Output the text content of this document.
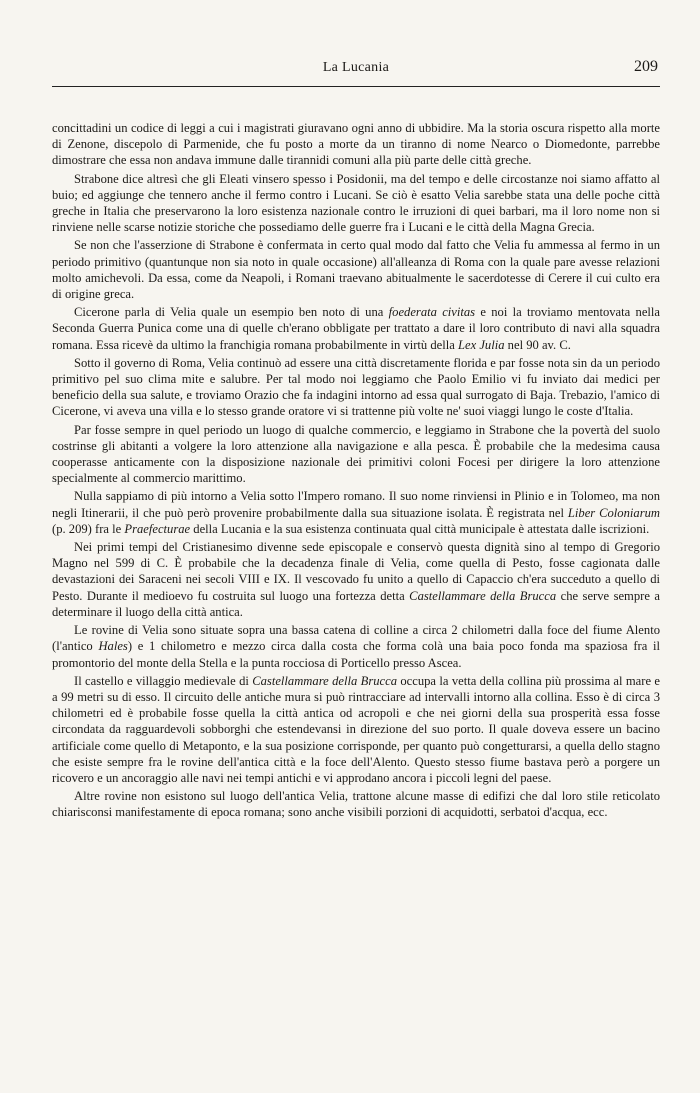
La Lucania	209

concittadini un codice di leggi a cui i magistrati giuravano ogni anno di ubbidire. Ma la storia oscura rispetto alla morte di Zenone, discepolo di Parmenide, che fu posto a morte da un tiranno di nome Nearco o Diomedonte, parrebbe dimostrare che essa non andava immune dalle tirannidi comuni alla più parte delle città greche.

Strabone dice altresì che gli Eleati vinsero spesso i Posidonii, ma del tempo e delle circostanze noi siamo affatto al buio; ed aggiunge che tennero anche il fermo contro i Lucani. Se ciò è esatto Velia sarebbe stata una delle poche città greche in Italia che preservarono la loro esistenza nazionale contro le irruzioni di quei barbari, ma il loro nome non si rinviene nelle scarse notizie storiche che possediamo delle guerre fra i Lucani e le città della Magna Grecia.

Se non che l'asserzione di Strabone è confermata in certo qual modo dal fatto che Velia fu ammessa al fermo in un periodo primitivo (quantunque non sia noto in quale occasione) all'alleanza di Roma con la quale pare avesse relazioni molto amichevoli. Da essa, come da Neapoli, i Romani traevano abitualmente le sacerdotesse di Cerere il cui culto era di origine greca.

Cicerone parla di Velia quale un esempio ben noto di una foederata civitas e noi la troviamo mentovata nella Seconda Guerra Punica come una di quelle ch'erano obbligate per trattato a dare il loro contributo di navi alla squadra romana. Essa ricevè da ultimo la franchigia romana probabilmente in virtù della Lex Julia nel 90 av. C.

Sotto il governo di Roma, Velia continuò ad essere una città discretamente florida e par fosse nota sin da un periodo primitivo pel suo clima mite e salubre. Per tal modo noi leggiamo che Paolo Emilio vi fu inviato dai medici per beneficio della sua salute, e troviamo Orazio che fa indagini intorno ad essa qual surrogato di Baja. Trebazio, l'amico di Cicerone, vi aveva una villa e lo stesso grande oratore vi si trattenne più volte ne' suoi viaggi lungo le coste d'Italia.

Par fosse sempre in quel periodo un luogo di qualche commercio, e leggiamo in Strabone che la povertà del suolo costrinse gli abitanti a volgere la loro attenzione alla navigazione e alla pesca. È probabile che la medesima causa cooperasse anticamente con la disposizione nazionale dei primitivi coloni Focesi per dirigere la loro attenzione specialmente al commercio marittimo.

Nulla sappiamo di più intorno a Velia sotto l'Impero romano. Il suo nome rinviensi in Plinio e in Tolomeo, ma non negli Itinerarii, il che può però provenire probabilmente dalla sua situazione isolata. È registrata nel Liber Coloniarum (p. 209) fra le Praefecturae della Lucania e la sua esistenza continuata qual città municipale è attestata dalle iscrizioni.

Nei primi tempi del Cristianesimo divenne sede episcopale e conservò questa dignità sino al tempo di Gregorio Magno nel 599 di C. È probabile che la decadenza finale di Velia, come quella di Pesto, fosse cagionata dalle devastazioni dei Saraceni nei secoli VIII e IX. Il vescovado fu unito a quello di Capaccio ch'era succeduto a quello di Pesto. Durante il medioevo fu costruita sul luogo una fortezza detta Castellammare della Brucca che serve sempre a determinare il luogo della città antica.

Le rovine di Velia sono situate sopra una bassa catena di colline a circa 2 chilometri dalla foce del fiume Alento (l'antico Hales) e 1 chilometro e mezzo circa dalla costa che forma colà una baia poco fonda ma spaziosa fra il promontorio del monte della Stella e la punta rocciosa di Porticello presso Ascea.

Il castello e villaggio medievale di Castellammare della Brucca occupa la vetta della collina più prossima al mare e a 99 metri su di esso. Il circuito delle antiche mura si può rintracciare ad intervalli intorno alla collina. Esso è di circa 3 chilometri ed è probabile fosse quella la città antica od acropoli e che nei giorni della sua prosperità essa fosse circondata da ragguardevoli sobborghi che estendevansi in direzione del suo porto. Il quale doveva essere un bacino artificiale come quello di Metaponto, e la sua posizione corrisponde, per quanto può congetturarsi, a quella dello stagno che esiste sempre fra le rovine dell'antica città e la foce dell'Alento. Questo stesso fiume bastava però a porgere un ricovero e un ancoraggio alle navi nei tempi antichi e vi approdano ancora i piccoli legni del paese.

Altre rovine non esistono sul luogo dell'antica Velia, trattone alcune masse di edifizi che dal loro stile reticolato chiarisconsi manifestamente di epoca romana; sono anche visibili porzioni di acquidotti, serbatoi d'acqua, ecc.
